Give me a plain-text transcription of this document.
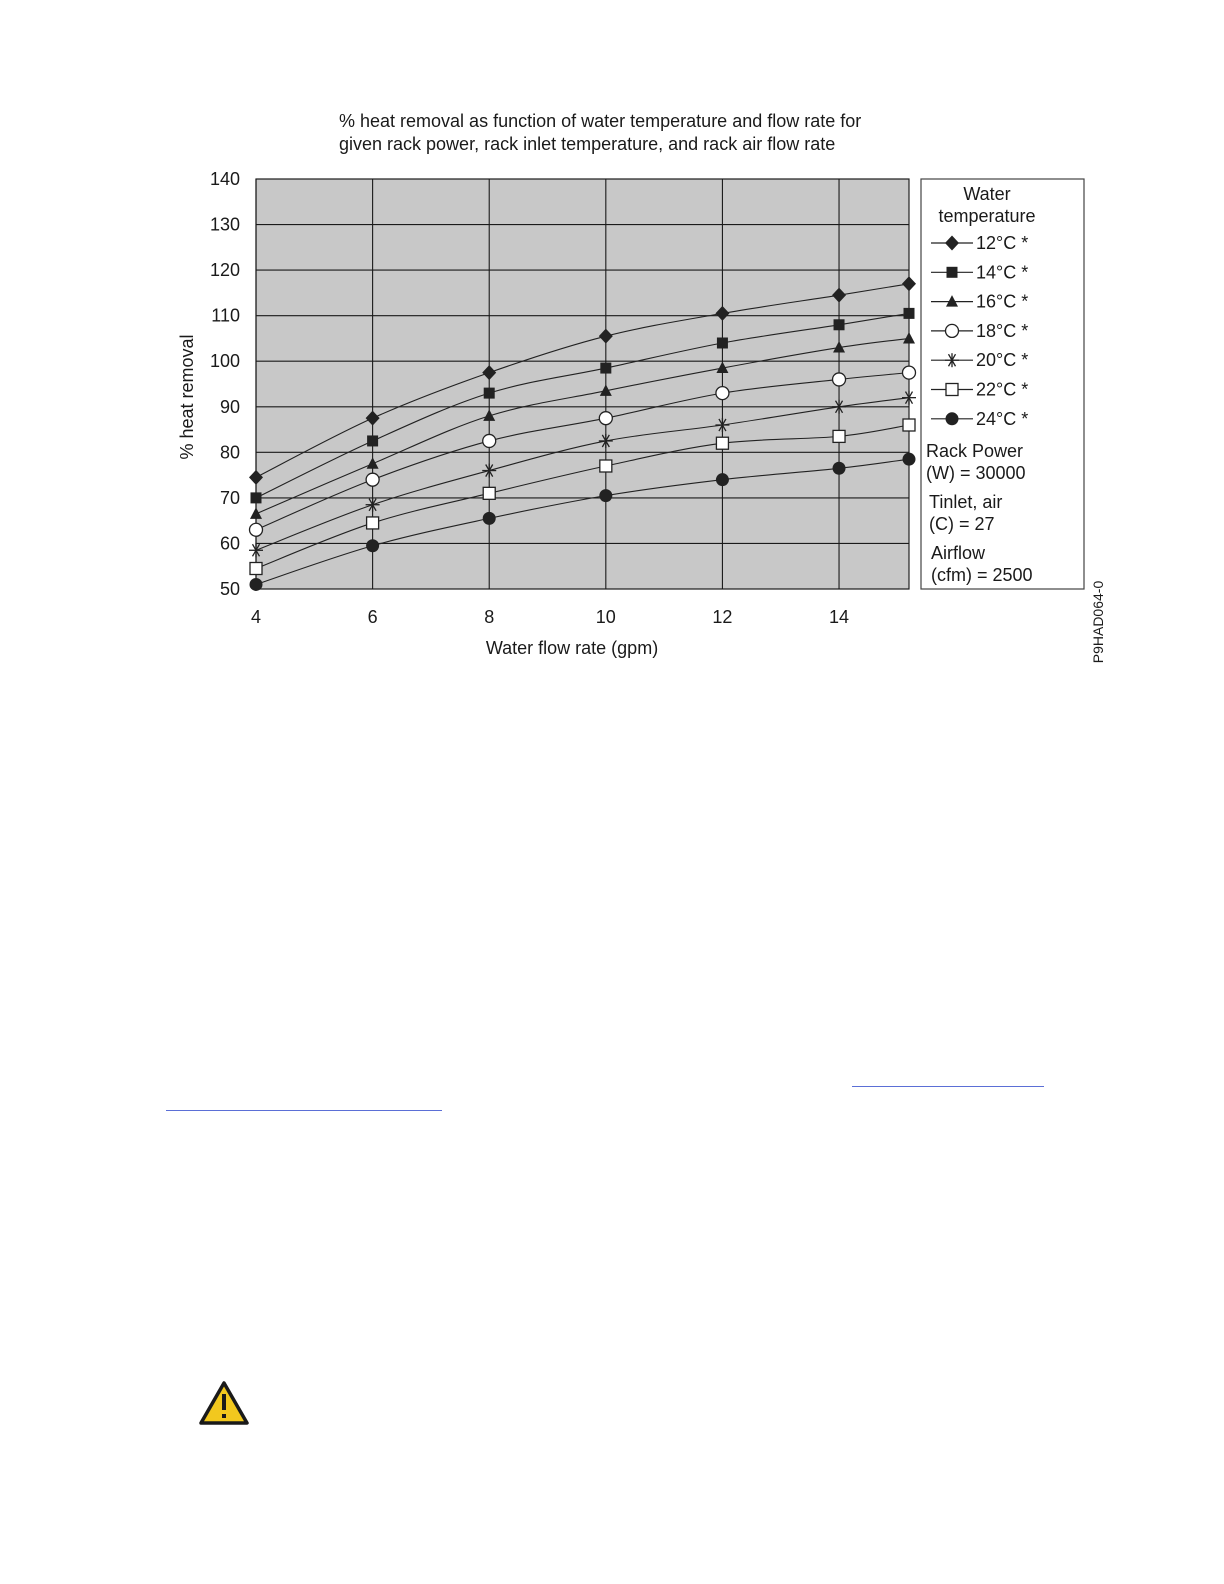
% heat removal as function of water temperature and flow rate for
given rack power, rack inlet temperature, and rack air flow rate
50
60
70
80
90
100
110
120
130
140
4	6	8	10	12	14
% heat removal
Water flow rate (gpm)
Water
temperature
12°C *
14°C *
16°C *
18°C *
20°C *
22°C *
24°C *
Rack Power
(W) = 30000
Tinlet, air
(C) = 27
Airflow
(cfm) = 2500
P9HAD064-0
